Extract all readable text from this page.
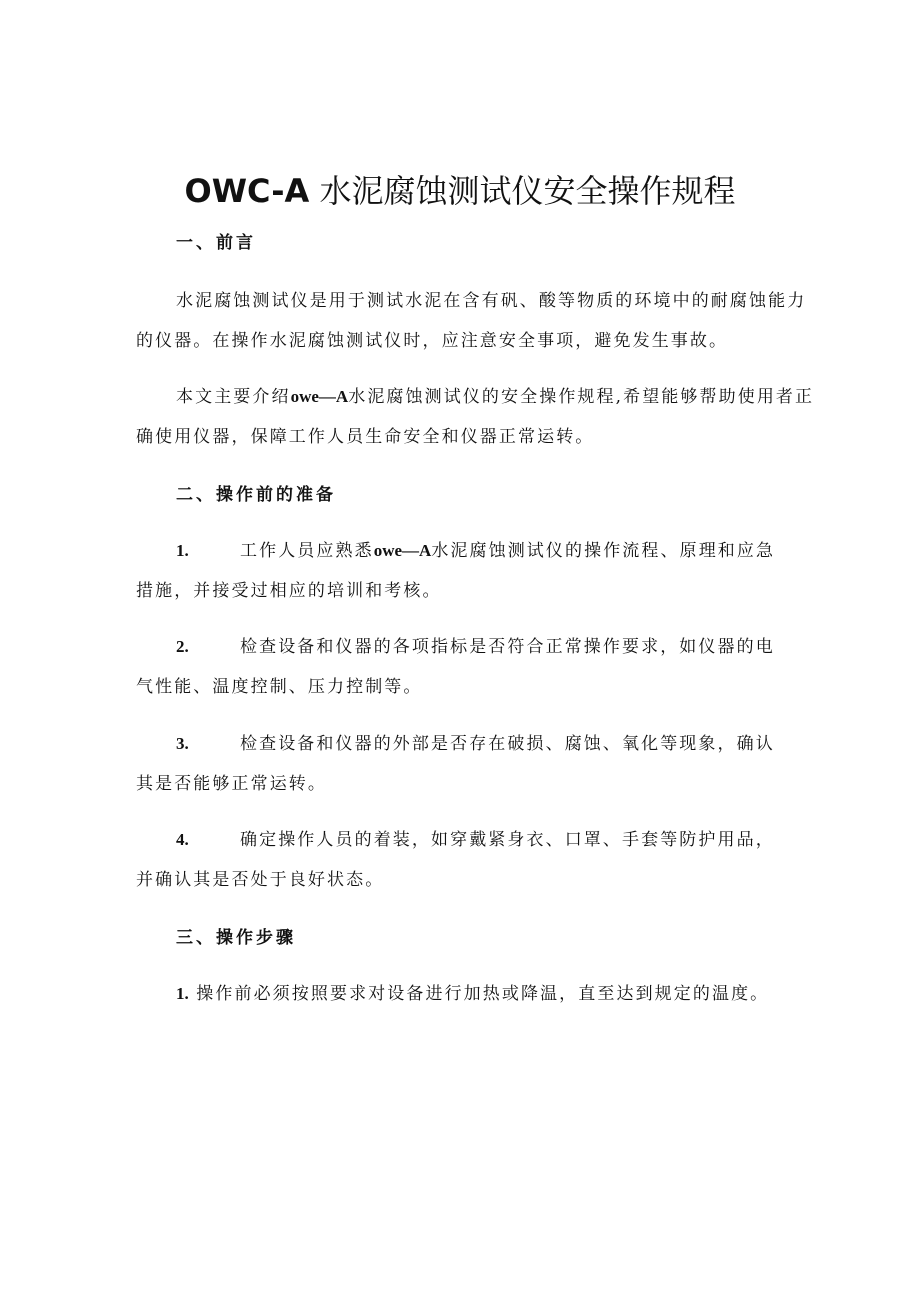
OWC-A 水泥腐蚀测试仪安全操作规程
一、前言
水泥腐蚀测试仪是用于测试水泥在含有矾、酸等物质的环境中的耐腐蚀能力的仪器。在操作水泥腐蚀测试仪时，应注意安全事项，避免发生事故。
本文主要介绍owe—A水泥腐蚀测试仪的安全操作规程,希望能够帮助使用者正确使用仪器，保障工作人员生命安全和仪器正常运转。
二、操作前的准备
1.	工作人员应熟悉owe—A水泥腐蚀测试仪的操作流程、原理和应急措施，并接受过相应的培训和考核。
2.	检查设备和仪器的各项指标是否符合正常操作要求，如仪器的电气性能、温度控制、压力控制等。
3.	检查设备和仪器的外部是否存在破损、腐蚀、氧化等现象，确认其是否能够正常运转。
4.	确定操作人员的着装，如穿戴紧身衣、口罩、手套等防护用品，并确认其是否处于良好状态。
三、操作步骤
1. 操作前必须按照要求对设备进行加热或降温，直至达到规定的温度。
